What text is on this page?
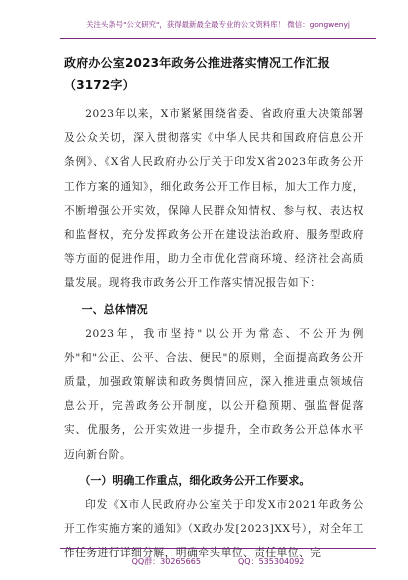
关注头条号"公文研究"，获得最新最全最专业的公文资料库！ 微信：gongwenyj
政府办公室2023年政务公推进落实情况工作汇报（3172字）

2023年以来，X市紧紧围绕省委、省政府重大决策部署及公众关切，深入贯彻落实《中华人民共和国政府信息公开条例》、《X省人民政府办公厅关于印发X省2023年政务公开工作方案的通知》，细化政务公开工作目标，加大工作力度，不断增强公开实效，保障人民群众知情权、参与权、表达权和监督权，充分发挥政务公开在建设法治政府、服务型政府等方面的促进作用，助力全市优化营商环境、经济社会高质量发展。现将我市政务公开工作落实情况报告如下：

一、总体情况

2023年，我市坚持"以公开为常态、不公开为例外"和"公正、公平、合法、便民"的原则，全面提高政务公开质量，加强政策解读和政务舆情回应，深入推进重点领域信息公开，完善政务公开制度，以公开稳预期、强监督促落实、优服务，公开实效进一步提升，全市政务公开总体水平迈向新台阶。

（一）明确工作重点，细化政务公开工作要求。

印发《X市人民政府办公室关于印发X市2021年政务公开工作实施方案的通知》（X政办发[2023]XX号），对全年工作任务进行详细分解，明确牵头单位、责任单位、完

QQ群：30265665	QQ：535304092
